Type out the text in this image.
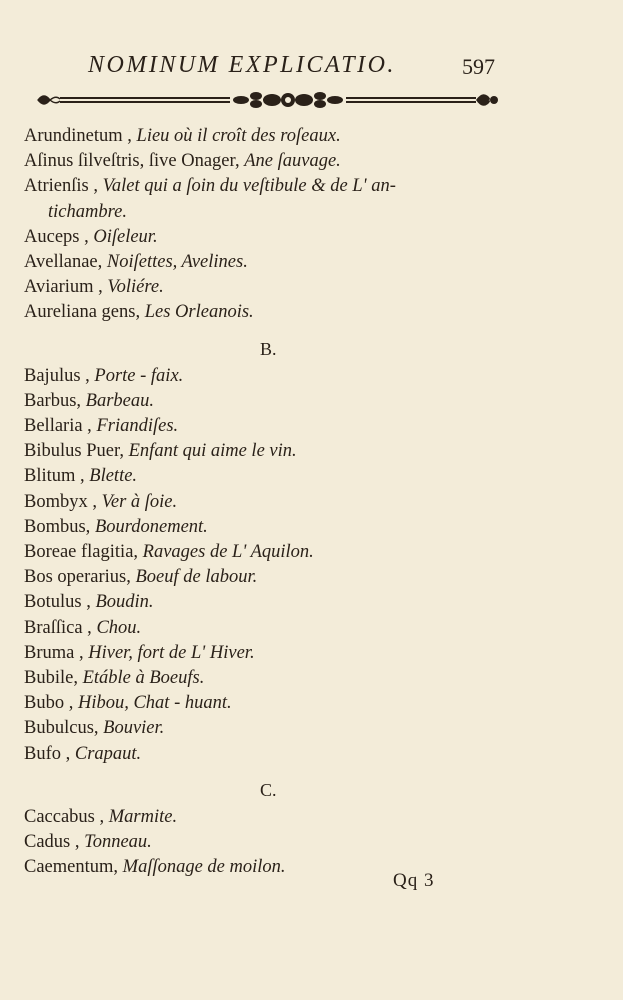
NOMINUM EXPLICATIO.	597
Arundinetum , Lieu où il croît des roſeaux.
Aſinus ſilveſtris, ſive Onager, Ane ſauvage.
Atrienſis , Valet qui a ſoin du veſtibule & de L' an-
tichambre.
Auceps , Oiſeleur.
Avellanae, Noiſettes, Avelines.
Aviarium , Voliére.
Aureliana gens, Les Orleanois.
B.
Bajulus , Porte - faix.
Barbus, Barbeau.
Bellaria , Friandiſes.
Bibulus Puer, Enfant qui aime le vin.
Blitum , Blette.
Bombyx , Ver à ſoie.
Bombus, Bourdonement.
Boreae flagitia, Ravages de L' Aquilon.
Bos operarius, Boeuf de labour.
Botulus , Boudin.
Braſſica , Chou.
Bruma , Hiver, fort de L' Hiver.
Bubile, Etáble à Boeufs.
Bubo , Hibou, Chat - huant.
Bubulcus, Bouvier.
Bufo , Crapaut.
C.
Caccabus , Marmite.
Cadus , Tonneau.
Caementum, Maſſonage de moilon.
Qq 3
